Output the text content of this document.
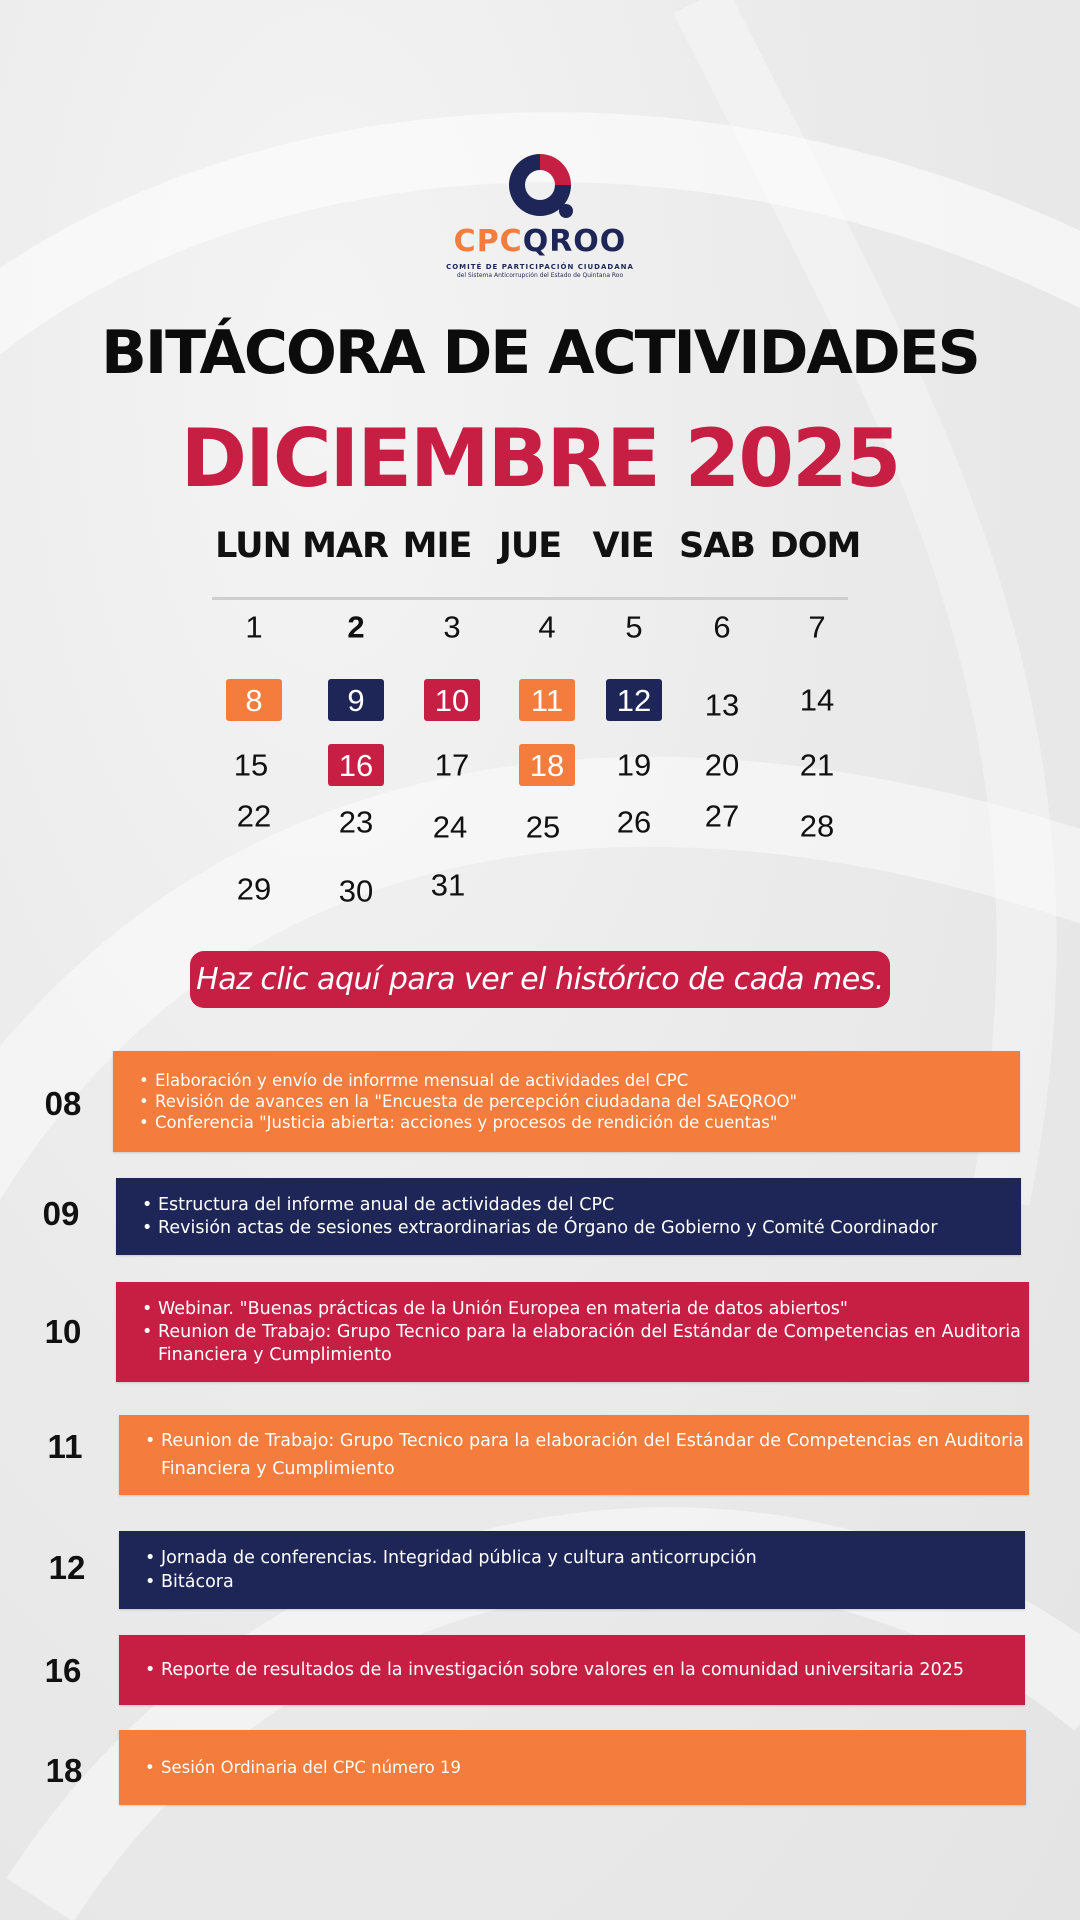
CPCQROO
COMITÉ DE PARTICIPACIÓN CIUDADANA
del Sistema Anticorrupción del Estado de Quintana Roo
BITÁCORA DE ACTIVIDADES
DICIEMBRE 2025
LUN MAR MIE JUE VIE SAB DOM
1	2	3	4 5 6	7
8	9	10	11	12	13 14
15	16	17	18	19 20 21
22 23 24 25 26 27 28
29 30 31
Haz clic aquí para ver el histórico de cada mes.
08
• Elaboración y envío de inforrme mensual de actividades del CPC
• Revisión de avances en la "Encuesta de percepción ciudadana del SAEQROO"
• Conferencia "Justicia abierta: acciones y procesos de rendición de cuentas"
09	• Estructura del informe anual de actividades del CPC
• Revisión actas de sesiones extraordinarias de Órgano de Gobierno y Comité Coordinador
10
• Webinar. "Buenas prácticas de la Unión Europea en materia de datos abiertos"
• Reunion de Trabajo: Grupo Tecnico para la elaboración del Estándar de Competencias en Auditoria Financiera y Cumplimiento
11	• Reunion de Trabajo: Grupo Tecnico para la elaboración del Estándar de Competencias en Auditoria Financiera y Cumplimiento
12	• Jornada de conferencias. Integridad pública y cultura anticorrupción
• Bitácora
16	• Reporte de resultados de la investigación sobre valores en la comunidad universitaria 2025
18	• Sesión Ordinaria del CPC número 19
